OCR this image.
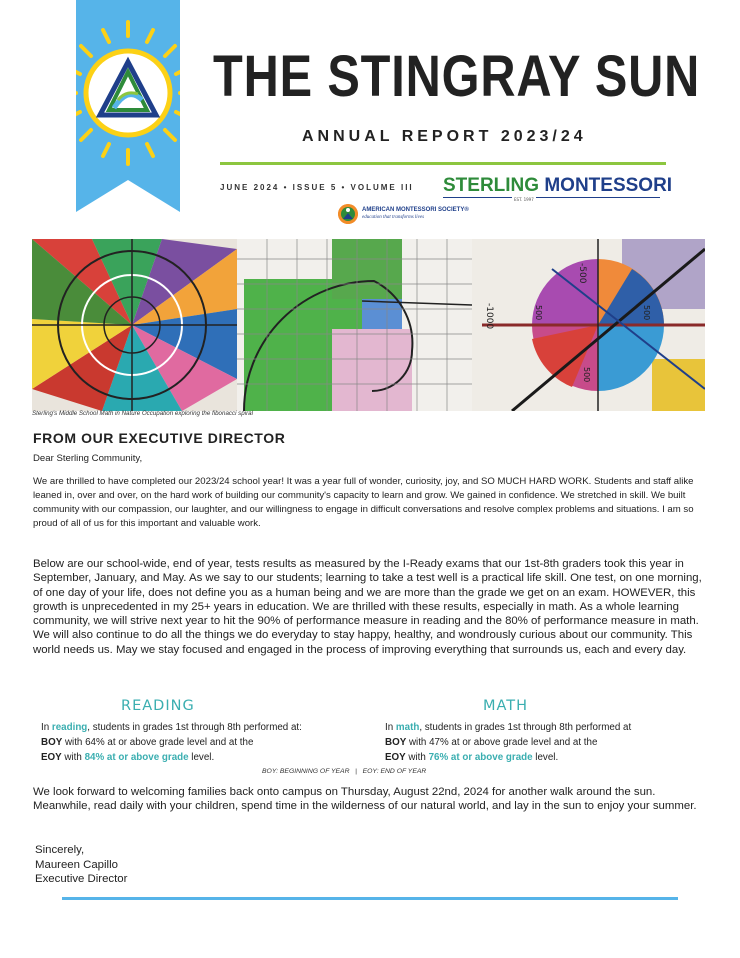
THE STINGRAY SUN
ANNUAL REPORT 2023/24
JUNE 2024 • ISSUE 5 • VOLUME III STERLING MONTESSORI
EST. 1997
AMERICAN MONTESSORI SOCIETY®
education that transforms lives
-500
-1000	500	500
500
Sterling's Middle School Math in Nature Occupation exploring the fibonacci spiral
FROM OUR EXECUTIVE DIRECTOR
Dear Sterling Community,
We are thrilled to have completed our 2023/24 school year! It was a year full of wonder, curiosity, joy, and SO MUCH HARD WORK. Students and staff alike leaned in, over and over, on the hard work of building our community's capacity to learn and grow. We gained in confidence. We stretched in skill. We built community with our compassion, our laughter, and our willingness to engage in difficult conversations and resolve complex problems and situations. I am so proud of all of us for this important and valuable work.
Below are our school-wide, end of year, tests results as measured by the I-Ready exams that our 1st-8th graders took this year in September, January, and May. As we say to our students; learning to take a test well is a practical life skill. One test, on one morning, of one day of your life, does not define you as a human being and we are more than the grade we get on an exam. HOWEVER, this growth is unprecedented in my 25+ years in education. We are thrilled with these results, especially in math. As a whole learning community, we will strive next year to hit the 90% of performance measure in reading and the 80% of performance measure in math. We will also continue to do all the things we do everyday to stay happy, healthy, and wondrously curious about our community. This world needs us. May we stay focused and engaged in the process of improving everything that surrounds us, each and every day.
READING
In reading, students in grades 1st through 8th performed at:
BOY with 64% at or above grade level and at the
EOY with 84% at or above grade level.
MATH
In math, students in grades 1st through 8th performed at
BOY with 47% at or above grade level and at the
EOY with 76% at or above grade level.
BOY: BEGINNING OF YEAR   |   EOY: END OF YEAR
We look forward to welcoming families back onto campus on Thursday, August 22nd, 2024 for another walk around the sun. Meanwhile, read daily with your children, spend time in the wilderness of our natural world, and lay in the sun to enjoy your summer.
Sincerely,
Maureen Capillo
Executive Director
